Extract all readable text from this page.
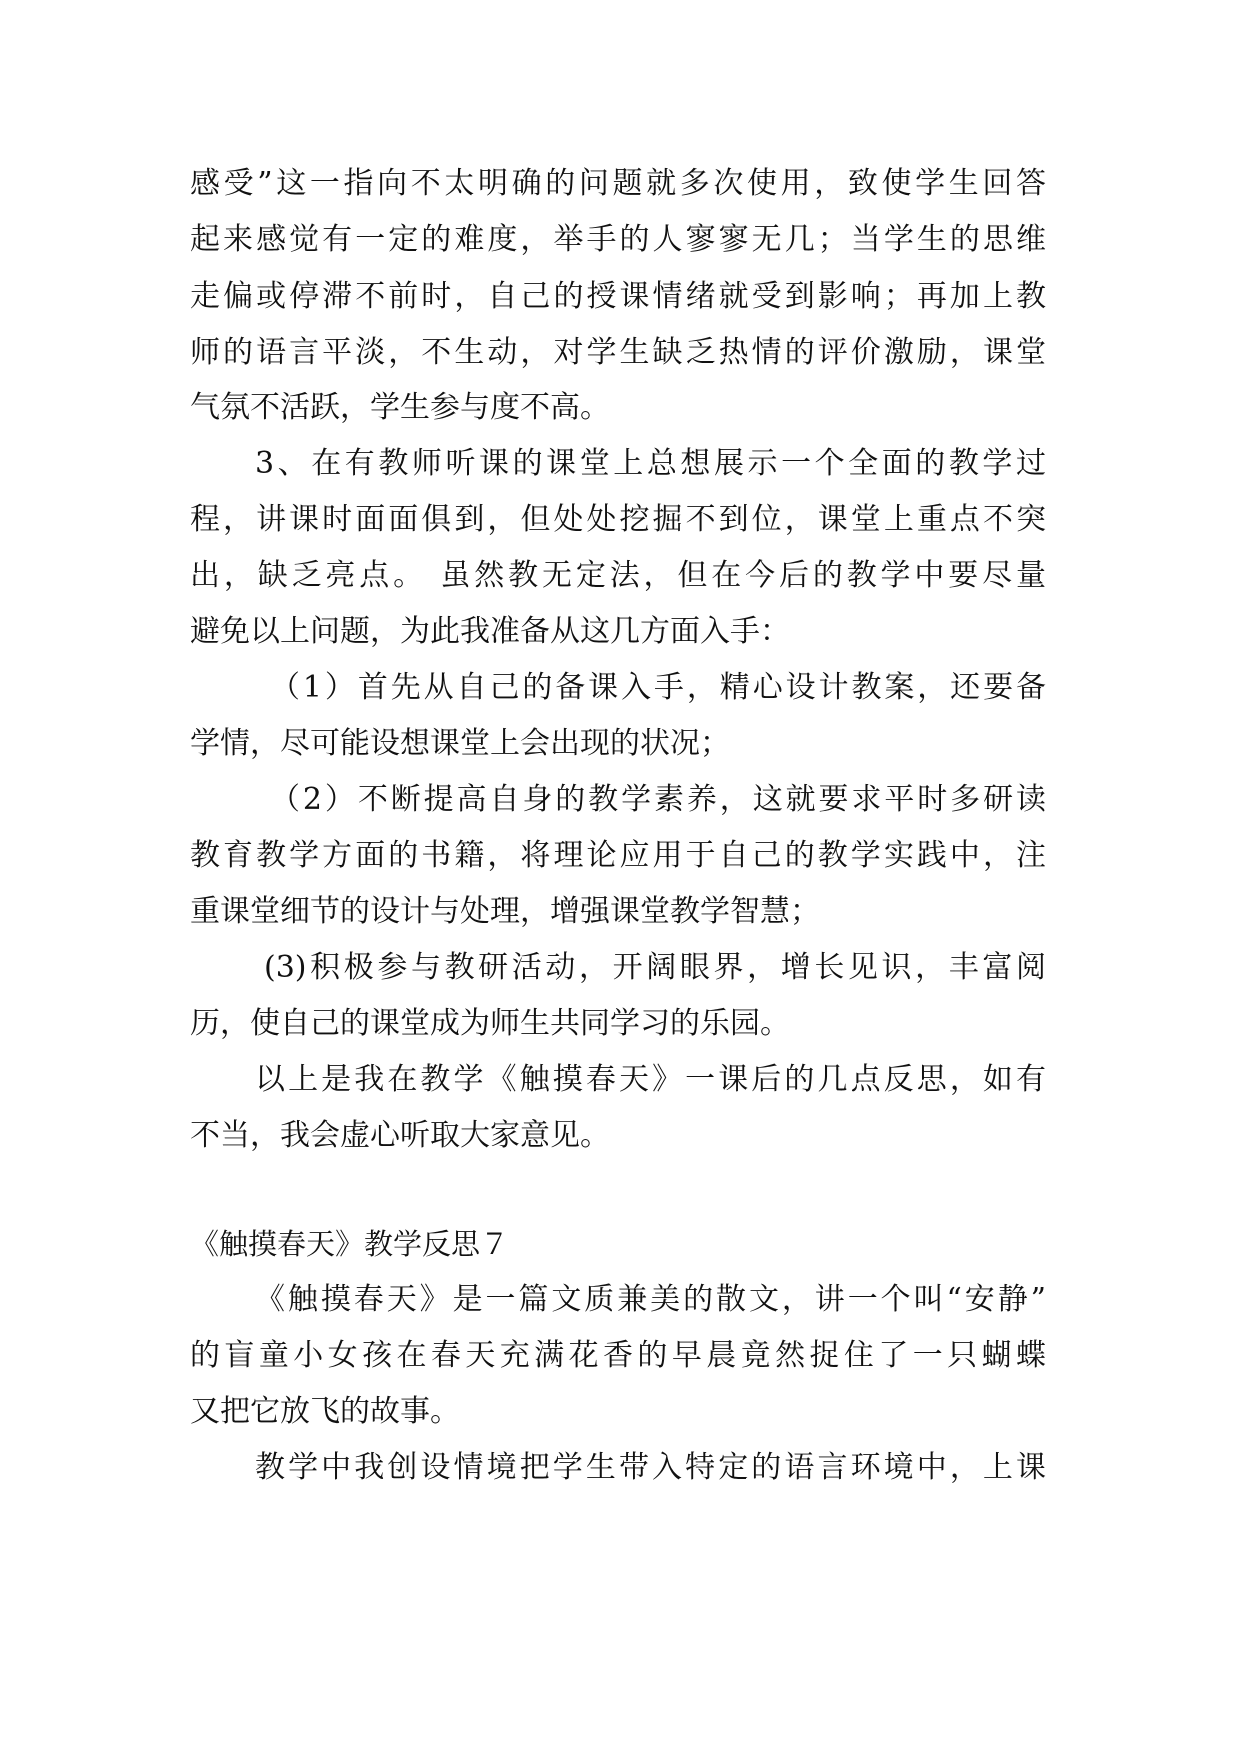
感受”这一指向不太明确的问题就多次使用，致使学生回答
起来感觉有一定的难度，举手的人寥寥无几；当学生的思维
走偏或停滞不前时，自己的授课情绪就受到影响；再加上教
师的语言平淡，不生动，对学生缺乏热情的评价激励，课堂
气氛不活跃，学生参与度不高。
3、在有教师听课的课堂上总想展示一个全面的教学过
程，讲课时面面俱到，但处处挖掘不到位，课堂上重点不突
出，缺乏亮点。 虽然教无定法，但在今后的教学中要尽量
避免以上问题，为此我准备从这几方面入手：
（1）首先从自己的备课入手，精心设计教案，还要备
学情，尽可能设想课堂上会出现的状况；
（2）不断提高自身的教学素养，这就要求平时多研读
教育教学方面的书籍，将理论应用于自己的教学实践中，注
重课堂细节的设计与处理，增强课堂教学智慧；
(3)积极参与教研活动，开阔眼界，增长见识，丰富阅
历，使自己的课堂成为师生共同学习的乐园。
以上是我在教学《触摸春天》一课后的几点反思，如有
不当，我会虚心听取大家意见。
《触摸春天》教学反思７
《触摸春天》是一篇文质兼美的散文，讲一个叫“安静”
的盲童小女孩在春天充满花香的早晨竟然捉住了一只蝴蝶
又把它放飞的故事。
教学中我创设情境把学生带入特定的语言环境中，上课
